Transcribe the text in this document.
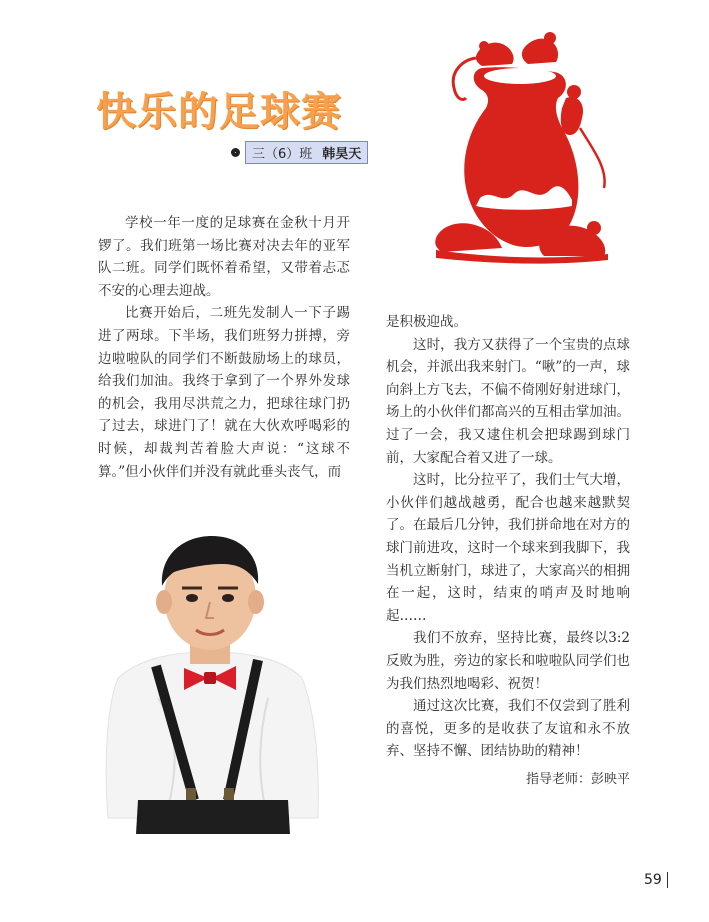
快乐的足球赛
三（6）班 韩昊天

学校一年一度的足球赛在金秋十月开锣了。我们班第一场比赛对决去年的亚军队二班。同学们既怀着希望，又带着忐忑不安的心理去迎战。

比赛开始后，二班先发制人一下子踢进了两球。下半场，我们班努力拼搏，旁边啦啦队的同学们不断鼓励场上的球员，给我们加油。我终于拿到了一个界外发球的机会，我用尽洪荒之力，把球往球门扔了过去，球进门了！就在大伙欢呼喝彩的时候，却裁判苦着脸大声说：“这球不算。”但小伙伴们并没有就此垂头丧气，而

是积极迎战。

这时，我方又获得了一个宝贵的点球机会，并派出我来射门。“啾”的一声，球向斜上方飞去，不偏不倚刚好射进球门，场上的小伙伴们都高兴的互相击掌加油。过了一会，我又逮住机会把球踢到球门前，大家配合着又进了一球。

这时，比分拉平了，我们士气大增，小伙伴们越战越勇，配合也越来越默契了。在最后几分钟，我们拼命地在对方的球门前进攻，这时一个球来到我脚下，我当机立断射门，球进了，大家高兴的相拥在一起，这时，结束的哨声及时地响起……

我们不放弃，坚持比赛，最终以3:2反败为胜，旁边的家长和啦啦队同学们也为我们热烈地喝彩、祝贺！

通过这次比赛，我们不仅尝到了胜利的喜悦，更多的是收获了友谊和永不放弃、坚持不懈、团结协助的精神！

指导老师：彭映平
59
